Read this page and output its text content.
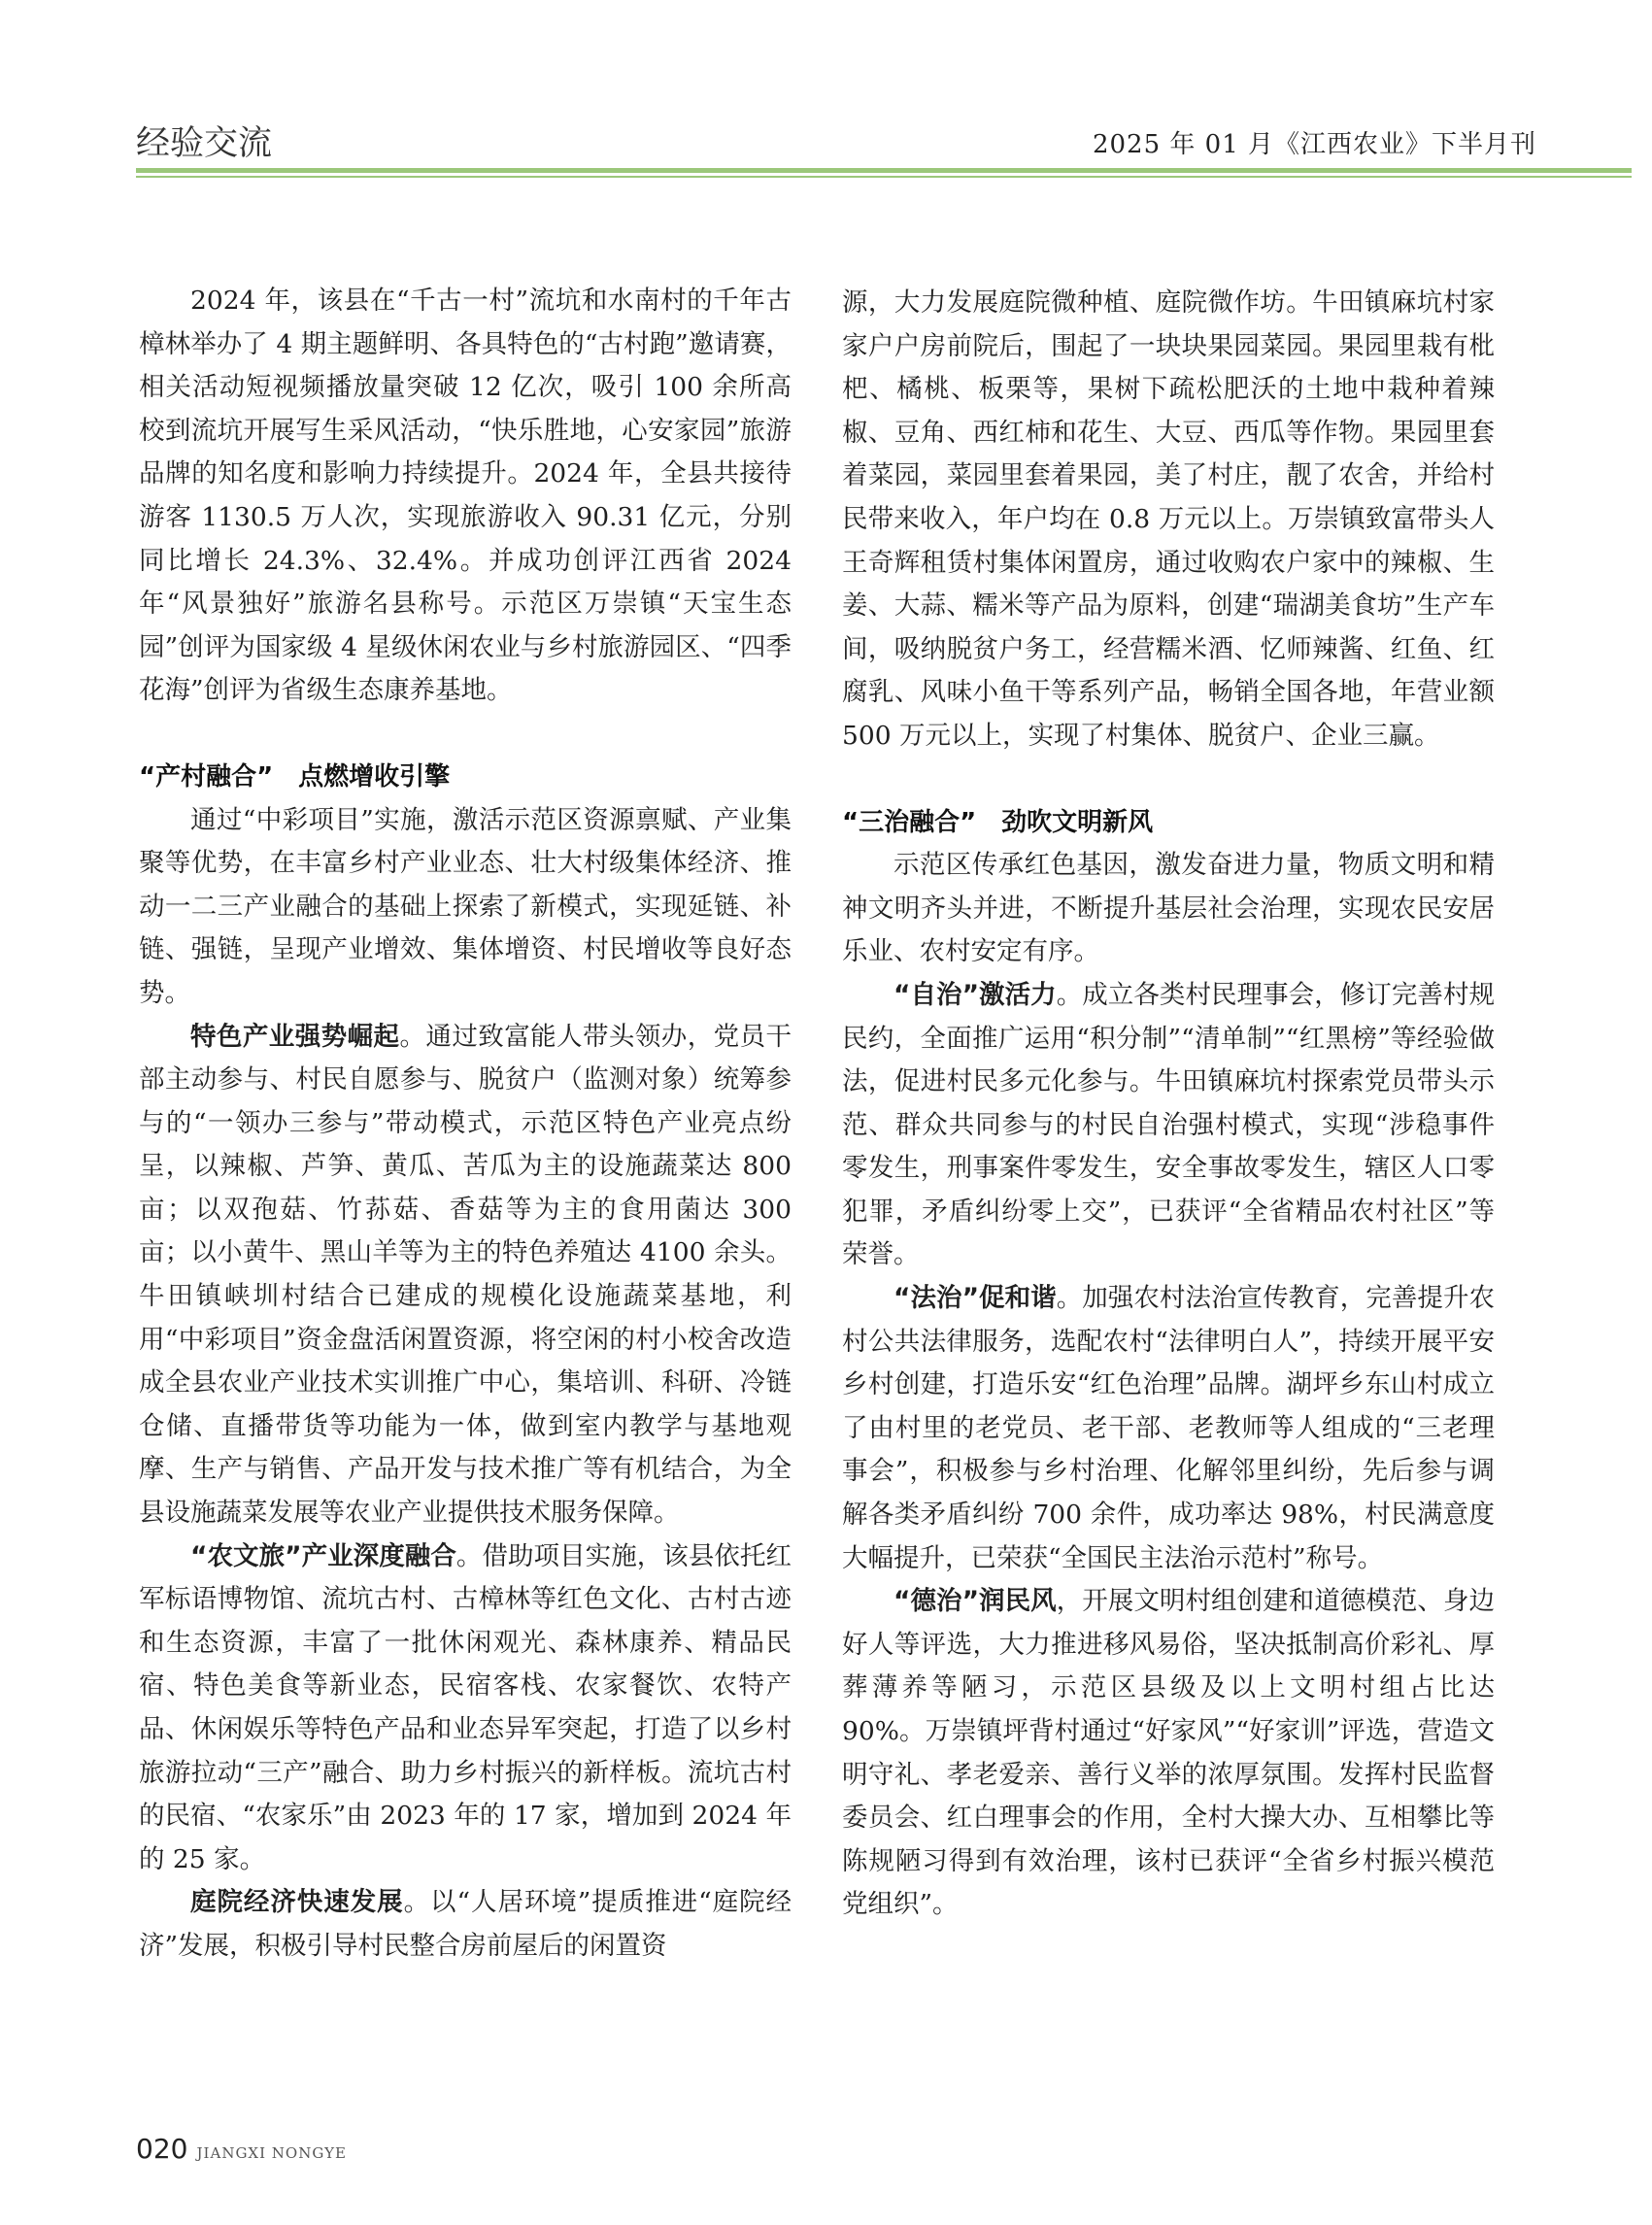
经验交流	2025 年 01 月《江西农业》下半月刊

2024 年，该县在“千古一村”流坑和水南村的千年古樟林举办了 4 期主题鲜明、各具特色的“古村跑”邀请赛，相关活动短视频播放量突破 12 亿次，吸引 100 余所高校到流坑开展写生采风活动，“快乐胜地，心安家园”旅游品牌的知名度和影响力持续提升。2024 年，全县共接待游客 1130.5 万人次，实现旅游收入 90.31 亿元，分别同比增长 24.3%、32.4%。并成功创评江西省 2024 年“风景独好”旅游名县称号。示范区万崇镇“天宝生态园”创评为国家级 4 星级休闲农业与乡村旅游园区、“四季花海”创评为省级生态康养基地。

“产村融合”　点燃增收引擎

通过“中彩项目”实施，激活示范区资源禀赋、产业集聚等优势，在丰富乡村产业业态、壮大村级集体经济、推动一二三产业融合的基础上探索了新模式，实现延链、补链、强链，呈现产业增效、集体增资、村民增收等良好态势。

特色产业强势崛起。通过致富能人带头领办，党员干部主动参与、村民自愿参与、脱贫户（监测对象）统筹参与的“一领办三参与”带动模式，示范区特色产业亮点纷呈，以辣椒、芦笋、黄瓜、苦瓜为主的设施蔬菜达 800 亩；以双孢菇、竹荪菇、香菇等为主的食用菌达 300 亩；以小黄牛、黑山羊等为主的特色养殖达 4100 余头。牛田镇峡圳村结合已建成的规模化设施蔬菜基地，利用“中彩项目”资金盘活闲置资源，将空闲的村小校舍改造成全县农业产业技术实训推广中心，集培训、科研、冷链仓储、直播带货等功能为一体，做到室内教学与基地观摩、生产与销售、产品开发与技术推广等有机结合，为全县设施蔬菜发展等农业产业提供技术服务保障。

“农文旅”产业深度融合。借助项目实施，该县依托红军标语博物馆、流坑古村、古樟林等红色文化、古村古迹和生态资源，丰富了一批休闲观光、森林康养、精品民宿、特色美食等新业态，民宿客栈、农家餐饮、农特产品、休闲娱乐等特色产品和业态异军突起，打造了以乡村旅游拉动“三产”融合、助力乡村振兴的新样板。流坑古村的民宿、“农家乐”由 2023 年的 17 家，增加到 2024 年的 25 家。

庭院经济快速发展。以“人居环境”提质推进“庭院经济”发展，积极引导村民整合房前屋后的闲置资

源，大力发展庭院微种植、庭院微作坊。牛田镇麻坑村家家户户房前院后，围起了一块块果园菜园。果园里栽有枇杷、橘桃、板栗等，果树下疏松肥沃的土地中栽种着辣椒、豆角、西红柿和花生、大豆、西瓜等作物。果园里套着菜园，菜园里套着果园，美了村庄，靓了农舍，并给村民带来收入，年户均在 0.8 万元以上。万崇镇致富带头人王奇辉租赁村集体闲置房，通过收购农户家中的辣椒、生姜、大蒜、糯米等产品为原料，创建“瑞湖美食坊”生产车间，吸纳脱贫户务工，经营糯米酒、忆师辣酱、红鱼、红腐乳、风味小鱼干等系列产品，畅销全国各地，年营业额 500 万元以上，实现了村集体、脱贫户、企业三赢。

“三治融合”　劲吹文明新风

示范区传承红色基因，激发奋进力量，物质文明和精神文明齐头并进，不断提升基层社会治理，实现农民安居乐业、农村安定有序。

“自治”激活力。成立各类村民理事会，修订完善村规民约，全面推广运用“积分制”“清单制”“红黑榜”等经验做法，促进村民多元化参与。牛田镇麻坑村探索党员带头示范、群众共同参与的村民自治强村模式，实现“涉稳事件零发生，刑事案件零发生，安全事故零发生，辖区人口零犯罪，矛盾纠纷零上交”，已获评“全省精品农村社区”等荣誉。

“法治”促和谐。加强农村法治宣传教育，完善提升农村公共法律服务，选配农村“法律明白人”，持续开展平安乡村创建，打造乐安“红色治理”品牌。湖坪乡东山村成立了由村里的老党员、老干部、老教师等人组成的“三老理事会”，积极参与乡村治理、化解邻里纠纷，先后参与调解各类矛盾纠纷 700 余件，成功率达 98%，村民满意度大幅提升，已荣获“全国民主法治示范村”称号。

“德治”润民风，开展文明村组创建和道德模范、身边好人等评选，大力推进移风易俗，坚决抵制高价彩礼、厚葬薄养等陋习，示范区县级及以上文明村组占比达 90%。万崇镇坪背村通过“好家风”“好家训”评选，营造文明守礼、孝老爱亲、善行义举的浓厚氛围。发挥村民监督委员会、红白理事会的作用，全村大操大办、互相攀比等陈规陋习得到有效治理，该村已获评“全省乡村振兴模范党组织”。

020 JIANGXI NONGYE
